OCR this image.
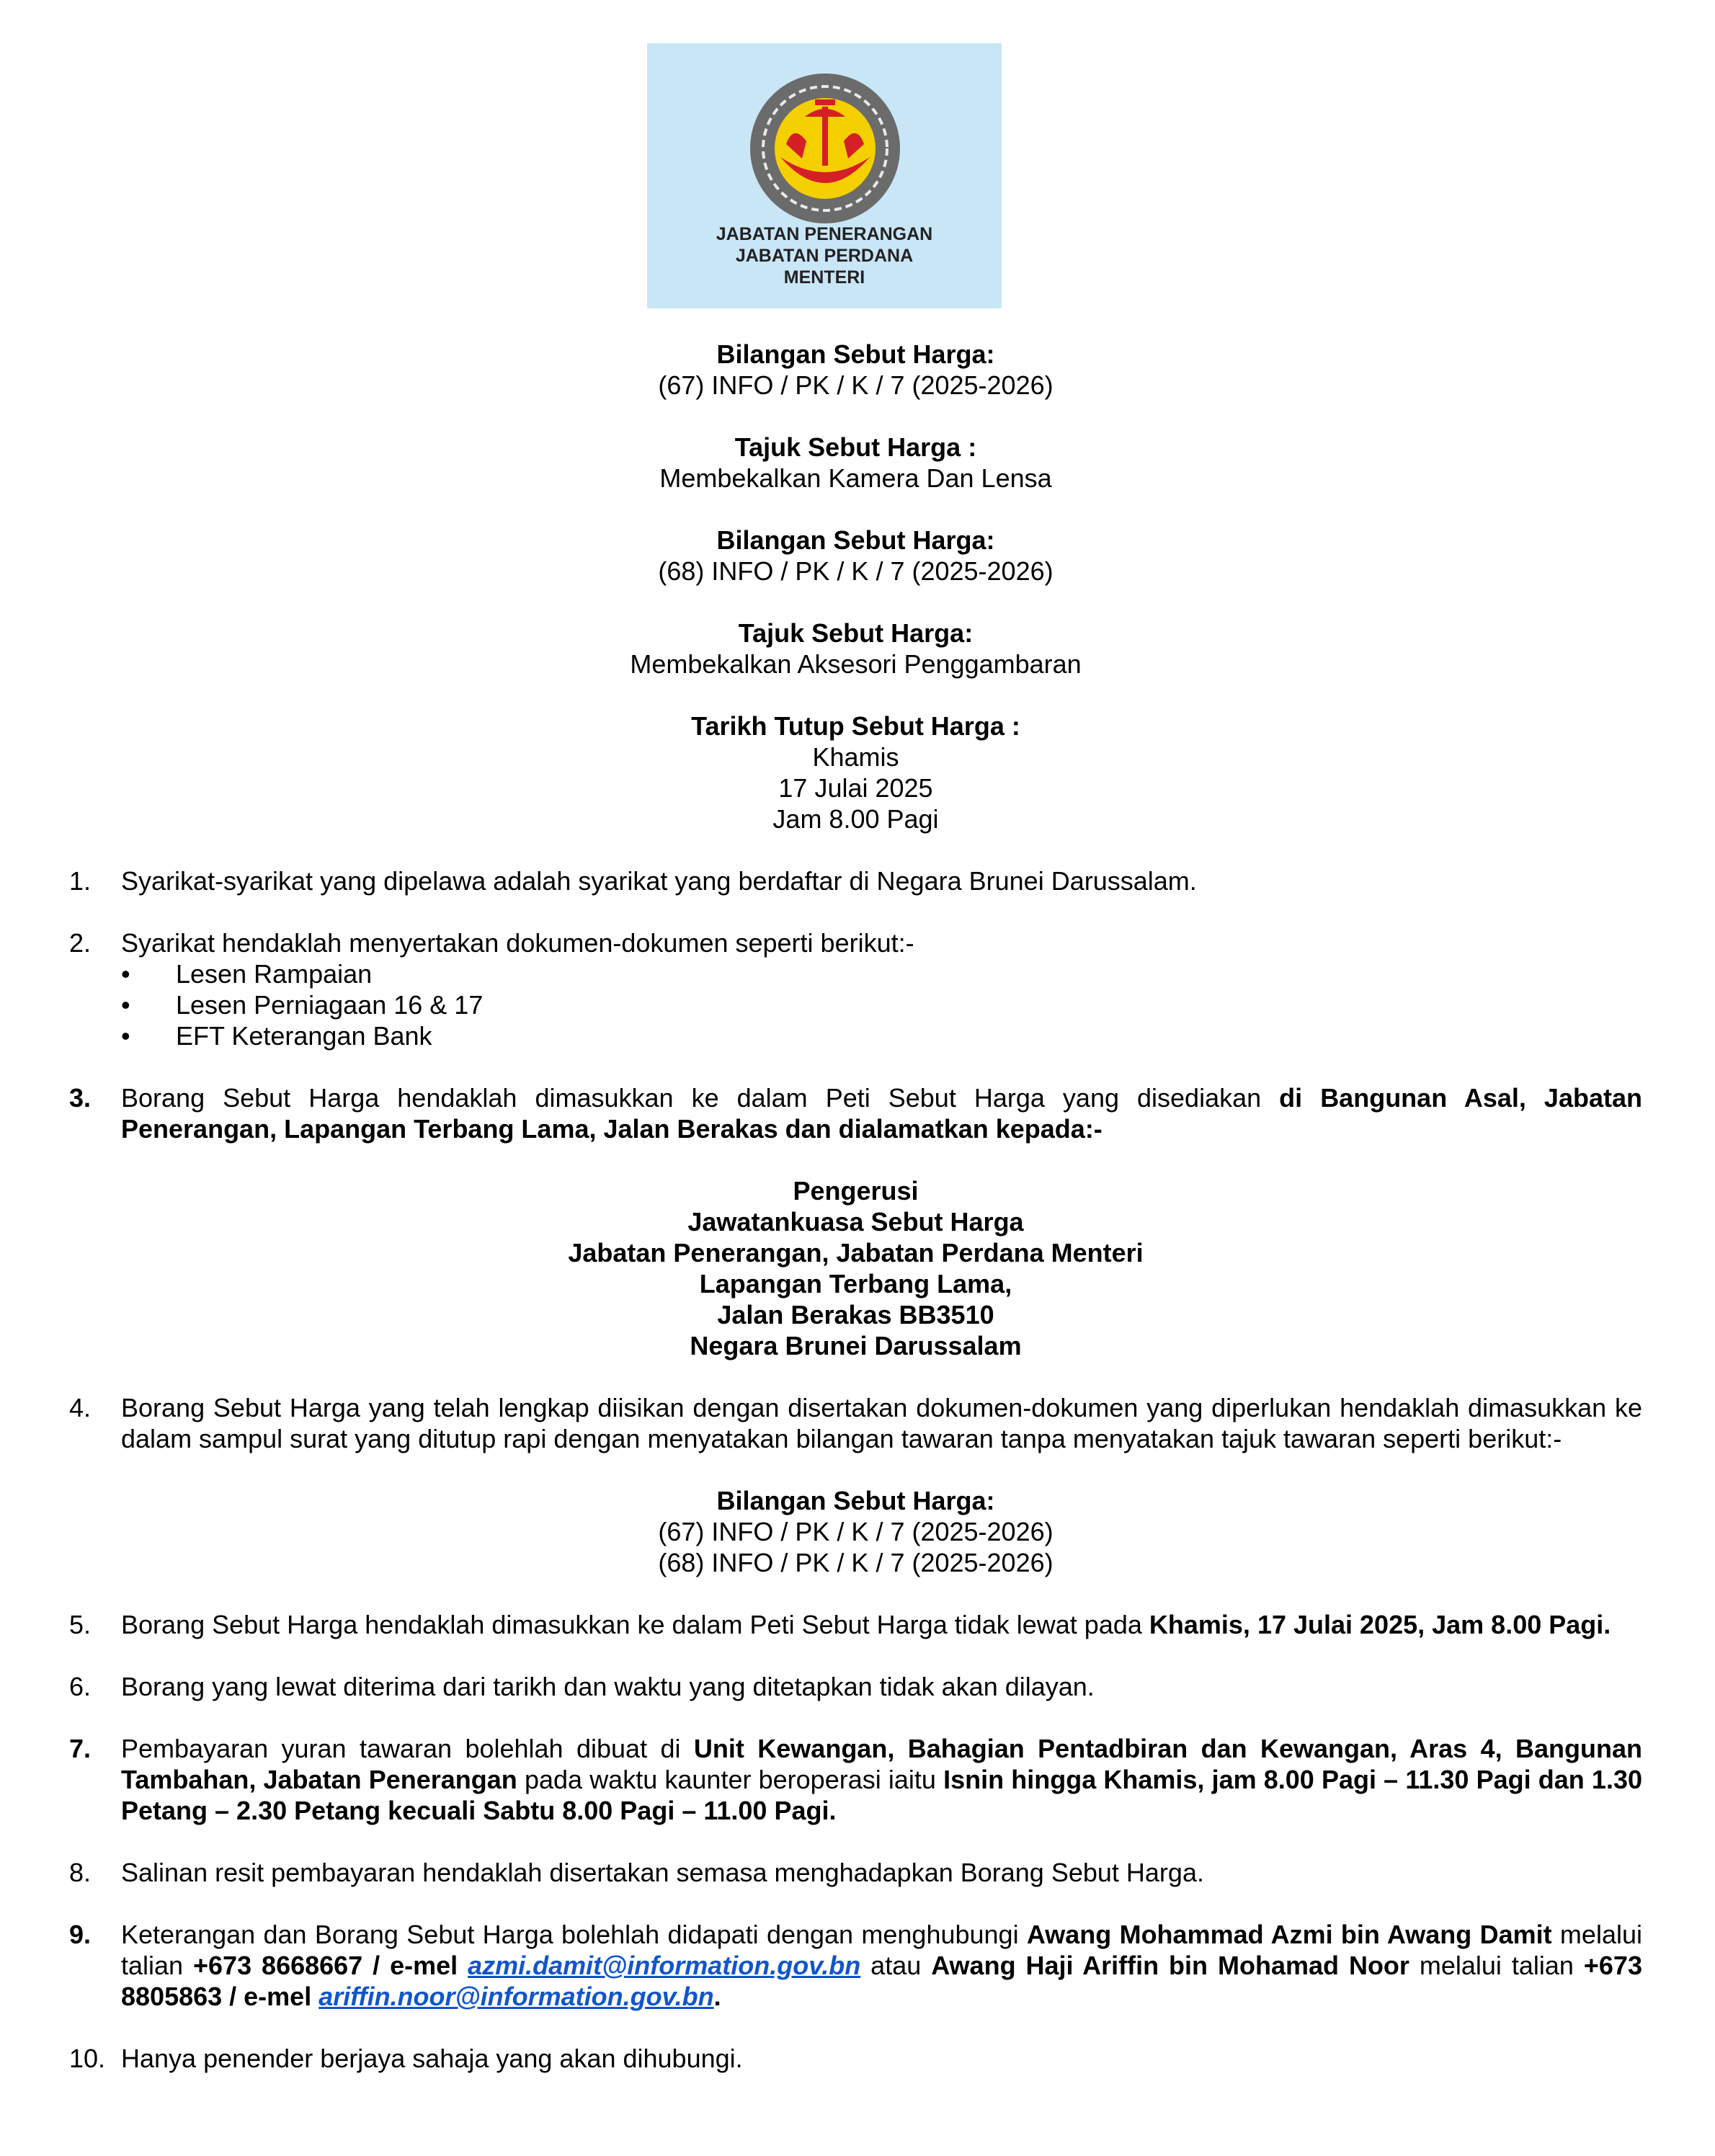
JABATAN PENERANGAN
JABATAN PERDANA
MENTERI

Bilangan Sebut Harga:

(67) INFO / PK / K / 7 (2025-2026)

Tajuk Sebut Harga :

Membekalkan Kamera Dan Lensa

Bilangan Sebut Harga:

(68) INFO / PK / K / 7 (2025-2026)

Tajuk Sebut Harga:

Membekalkan Aksesori Penggambaran

Tarikh Tutup Sebut Harga :

Khamis

17 Julai 2025

Jam 8.00 Pagi

1.	Syarikat-syarikat yang dipelawa adalah syarikat yang berdaftar di Negara Brunei Darussalam.
2.	Syarikat hendaklah menyertakan dokumen-dokumen seperti berikut:-
• Lesen Rampaian
• Lesen Perniagaan 16 & 17
• EFT Keterangan Bank
3.	Borang Sebut Harga hendaklah dimasukkan ke dalam Peti Sebut Harga yang disediakan di Bangunan Asal, Jabatan Penerangan, Lapangan Terbang Lama, Jalan Berakas dan dialamatkan kepada:-

Pengerusi

Jawatankuasa Sebut Harga

Jabatan Penerangan, Jabatan Perdana Menteri

Lapangan Terbang Lama,

Jalan Berakas BB3510

Negara Brunei Darussalam

4.	Borang Sebut Harga yang telah lengkap diisikan dengan disertakan dokumen-dokumen yang diperlukan hendaklah dimasukkan ke dalam sampul surat yang ditutup rapi dengan menyatakan bilangan tawaran tanpa menyatakan tajuk tawaran seperti berikut:-

Bilangan Sebut Harga:

(67) INFO / PK / K / 7 (2025-2026)

(68) INFO / PK / K / 7 (2025-2026)

5.	Borang Sebut Harga hendaklah dimasukkan ke dalam Peti Sebut Harga tidak lewat pada Khamis, 17 Julai 2025, Jam 8.00 Pagi.
6.	Borang yang lewat diterima dari tarikh dan waktu yang ditetapkan tidak akan dilayan.
7.	Pembayaran yuran tawaran bolehlah dibuat di Unit Kewangan, Bahagian Pentadbiran dan Kewangan, Aras 4, Bangunan Tambahan, Jabatan Penerangan pada waktu kaunter beroperasi iaitu Isnin hingga Khamis, jam 8.00 Pagi – 11.30 Pagi dan 1.30 Petang – 2.30 Petang kecuali Sabtu 8.00 Pagi – 11.00 Pagi.
8.	Salinan resit pembayaran hendaklah disertakan semasa menghadapkan Borang Sebut Harga.
9.	Keterangan dan Borang Sebut Harga bolehlah didapati dengan menghubungi Awang Mohammad Azmi bin Awang Damit melalui talian +673 8668667 / e-mel azmi.damit@information.gov.bn atau Awang Haji Ariffin bin Mohamad Noor melalui talian +673 8805863 / e-mel ariffin.noor@information.gov.bn.
10. Hanya penender berjaya sahaja yang akan dihubungi.
